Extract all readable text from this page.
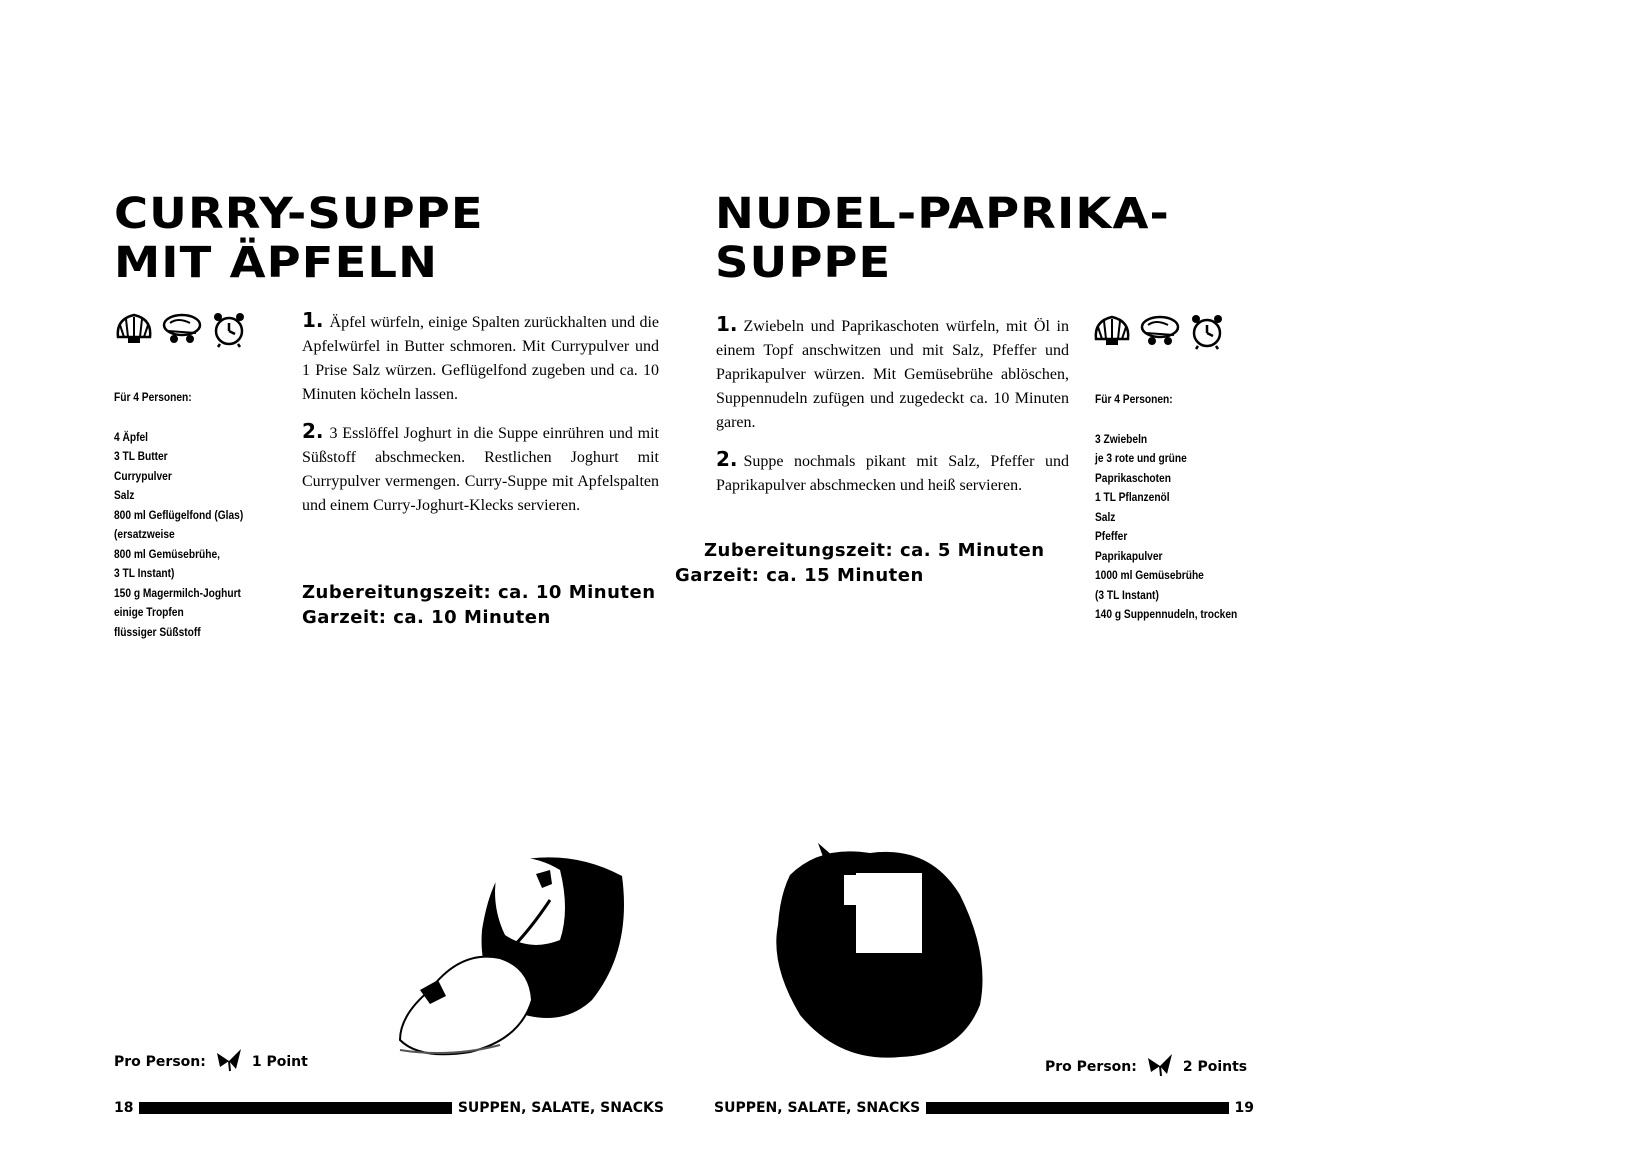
CURRY-SUPPE
MIT ÄPFELN
Für 4 Personen:
4 Äpfel
3 TL Butter
Currypulver
Salz
800 ml Geflügelfond (Glas)
(ersatzweise
800 ml Gemüsebrühe,
3 TL Instant)
150 g Magermilch-Joghurt
einige Tropfen
flüssiger Süßstoff

1. Äpfel würfeln, einige Spalten zurückhalten und die Apfelwürfel in Butter schmoren. Mit Currypulver und 1 Prise Salz würzen. Geflügelfond zugeben und ca. 10 Minuten köcheln lassen.

2. 3 Esslöffel Joghurt in die Suppe einrühren und mit Süßstoff abschmecken. Restlichen Joghurt mit Currypulver vermengen. Curry-Suppe mit Apfelspalten und einem Curry-Joghurt-Klecks servieren.

Zubereitungszeit: ca. 10 Minuten
Garzeit: ca. 10 Minuten
Pro Person:	1 Point
18	SUPPEN, SALATE, SNACKS
NUDEL-PAPRIKA-
SUPPE

1. Zwiebeln und Paprikaschoten würfeln, mit Öl in einem Topf anschwitzen und mit Salz, Pfeffer und Paprikapulver würzen. Mit Gemüsebrühe ablöschen, Suppennudeln zufügen und zugedeckt ca. 10 Minuten garen.

2. Suppe nochmals pikant mit Salz, Pfeffer und Paprikapulver abschmecken und heiß servieren.

Zubereitungszeit: ca. 5 Minuten
Garzeit: ca. 15 Minuten
Für 4 Personen:
3 Zwiebeln
je 3 rote und grüne
Paprikaschoten
1 TL Pflanzenöl
Salz
Pfeffer
Paprikapulver
1000 ml Gemüsebrühe
(3 TL Instant)
140 g Suppennudeln, trocken
Pro Person:	2 Points
SUPPEN, SALATE, SNACKS	19
